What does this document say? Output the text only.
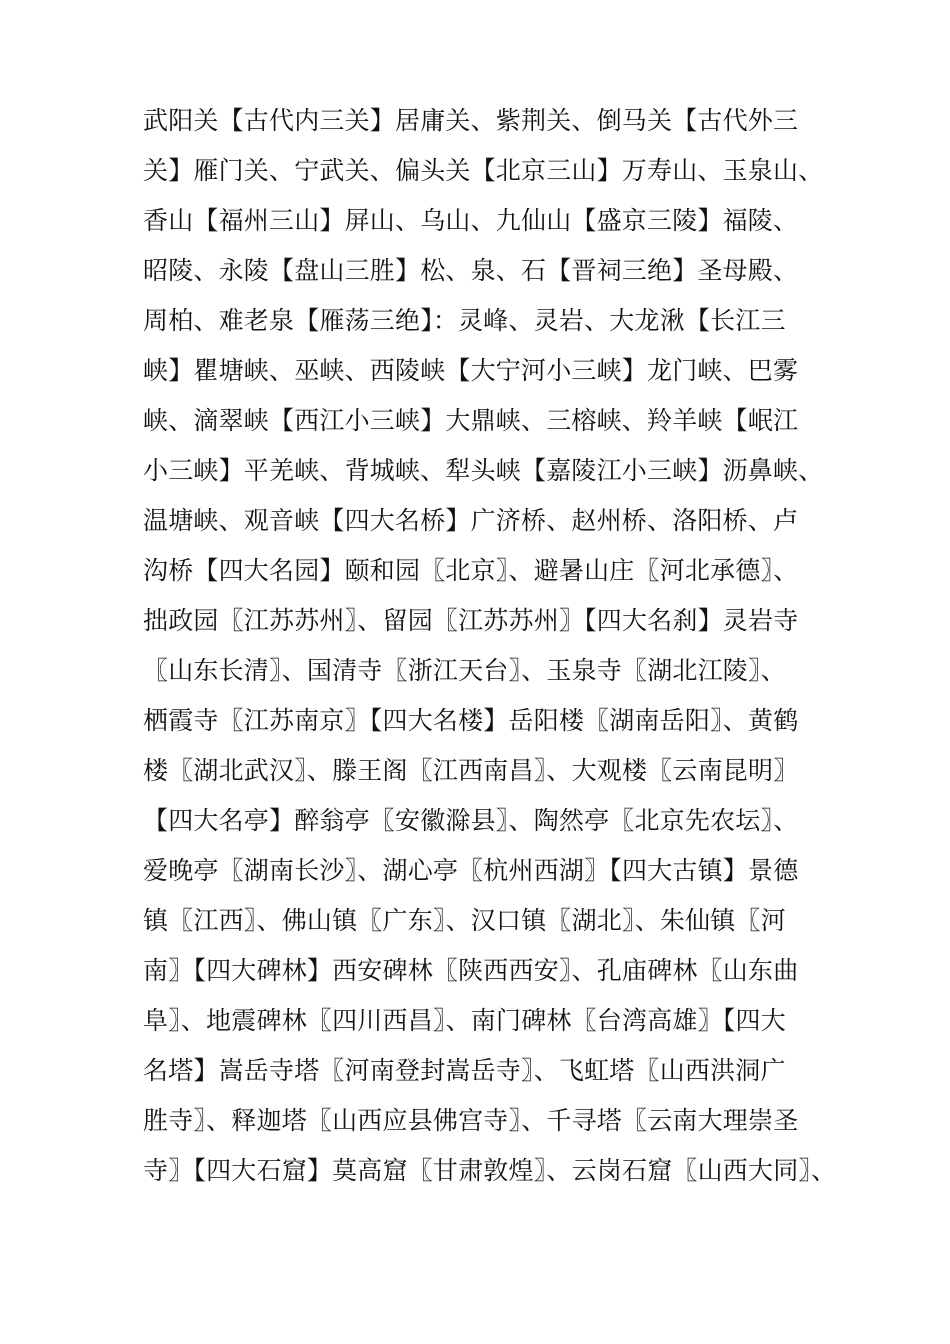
武阳关【古代内三关】居庸关、紫荆关、倒马关【古代外三
关】雁门关、宁武关、偏头关【北京三山】万寿山、玉泉山、
香山【福州三山】屏山、乌山、九仙山【盛京三陵】福陵、
昭陵、永陵【盘山三胜】松、泉、石【晋祠三绝】圣母殿、
周柏、难老泉【雁荡三绝】：灵峰、灵岩、大龙湫【长江三
峡】瞿塘峡、巫峡、西陵峡【大宁河小三峡】龙门峡、巴雾
峡、滴翠峡【西江小三峡】大鼎峡、三榕峡、羚羊峡【岷江
小三峡】平羌峡、背城峡、犁头峡【嘉陵江小三峡】沥鼻峡、
温塘峡、观音峡【四大名桥】广济桥、赵州桥、洛阳桥、卢
沟桥【四大名园】颐和园〖北京〗、避暑山庄〖河北承德〗、
拙政园〖江苏苏州〗、留园〖江苏苏州〗【四大名刹】灵岩寺
〖山东长清〗、国清寺〖浙江天台〗、玉泉寺〖湖北江陵〗、
栖霞寺〖江苏南京〗【四大名楼】岳阳楼〖湖南岳阳〗、黄鹤
楼〖湖北武汉〗、滕王阁〖江西南昌〗、大观楼〖云南昆明〗
【四大名亭】醉翁亭〖安徽滁县〗、陶然亭〖北京先农坛〗、
爱晚亭〖湖南长沙〗、湖心亭〖杭州西湖〗【四大古镇】景德
镇〖江西〗、佛山镇〖广东〗、汉口镇〖湖北〗、朱仙镇〖河
南〗【四大碑林】西安碑林〖陕西西安〗、孔庙碑林〖山东曲
阜〗、地震碑林〖四川西昌〗、南门碑林〖台湾高雄〗【四大
名塔】嵩岳寺塔〖河南登封嵩岳寺〗、飞虹塔〖山西洪洞广
胜寺〗、释迦塔〖山西应县佛宫寺〗、千寻塔〖云南大理崇圣
寺〗【四大石窟】莫高窟〖甘肃敦煌〗、云岗石窟〖山西大同〗、
